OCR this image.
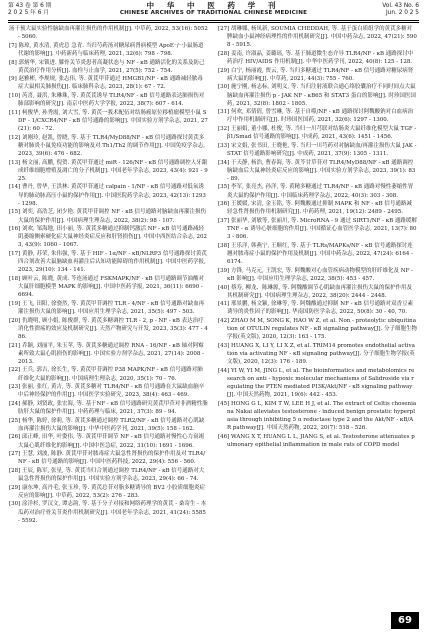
第 43 卷 第 6 期
2 0 2 5 年 6 月
中 华 中 医 药 学 刊
CHINESE ARCHIVES OF TRADITIONAL CHINESE MEDICINE
Vol. 43 No. 6
Jun. 2 0 2 5
汤干预大鼠实验性脑缺血再灌注损伤的作用机制[J]. 中草药, 2022, 53(16): 5052 - 5060.
[7] 陈琼, 黄水清, 黄虎总 急青. 当归芍药汤对糖尿病肾病模型 ApoE⁻/⁻小鼠肠道代谢的影响[J]. 中药新药与临床药理, 2021, 32(6): 798 - 798.
[8] 郭炳华, 宋锁进. 膝骨关节炎患者高凝状态与 NF - κB 通路活化的关系及防己黄芪治疗作用分析[J]. 血栓与止血学, 2021, 27(5): 752 - 754.
[9] 赵雅彬, 李规规, 张志伟, 等. 黄芪甲苷通过 HMGB1/NF - κB 通路减轻脓毒症大鼠相关肺损伤[J]. 临床肺科杂志, 2023, 28(1): 67 - 72.
[10] 芮喜, 聂洪, 朱琳珠, 等. 黄芪芪诱导 TLR4/NF - κB 信号通路表达肺损伤对肺部影响的研究[J]. 南京中医药大学学报, 2022, 38(7): 607 - 614.
[11] 柯俊华, 孙秀霞, 刘大雪, 等. 黄芪一莪术配伍对结肠癌原位移植瘤模型小鼠 SDF - 1/CXCR4/NF - κB 信号通路的影响[J]. 中国实验方剂学杂志, 2021, 27(21): 60 - 72.
[12] 刘刚玲, 赵凯, 曾晓, 等. 基于 TLR4/MyD88/NF - κB 信号通路探讨黄芪多糖对肺炎小鼠免疫功能的影响及对 Th1/Th2 的调节作用[J]. 中国免疫学杂志, 2023, 39(6): 476 - 682.
[13] 杨文丽, 高鹏, 倪贺. 黄芪甲苷通过 miR - 126/NF - κB 信号通路调控人牙龈成纤维细胞增殖及凋亡的分子机制[J]. 中国老年学杂志, 2023, 43(4): 921 - 925.
[14] 曹丹, 曾华, 王洪林. 黄芪甲苷通过 calpain - 1/NF - κB 信号通路对低氧诱导的肺动脉高压小鼠的保护作用[J]. 中国医院药学杂志, 2023, 42(13): 1293 - 1298.
[15] 刘奕, 高浩芝, 闭少艳. 黄芪甲苷调控 NF - κB 信号通路对脑缺血再灌注损伤大鼠的保护作用[J]. 中国病理生理杂志, 2022, 38(2): 98 - 107.
[16] 刘欢, 邹海地, 田小丽, 等. 黄芪多糖通过抑制钙激活 NF - κB 信号通路减轻肌萎缩侧索硬化症大鼠神经炎症反应和肝肾损伤[J]. 中国中西医结合杂志, 2023, 43(9): 1060 - 1067.
[17] 黄静, 苏荣, 朱伟强, 等. 基于 HIF - 1α/NF - κB/NLRP3 信号通路探讨黄芪四合剂改善大鼠脑缺血再灌注后认知功能障碍的作用机制[J]. 中国中医药学报, 2023, 29(10): 134 - 141.
[18] 顾叶云, 陈晓, 黄成. 芩连汤通过 FSKMAPK/NF - κB 信号通路调节油酸对大鼠肝细胞模型 MAPK 的影响[J]. 中国中医药学报, 2021, 36(11): 6690 - 6694.
[19] 王飞, 田阳, 徐骁然, 等. 黄芪甲苷调控 TLR - 4/NF - κB 信号通路对缺血再灌注损伤大鼠的影响[J]. 中国应用生理学杂志, 2021, 35(5): 497 - 503.
[20] 仇晓明, 顾小娟, 陈俊群, 等. 黄芪多糖调控 TLR - 2, p - NF - κB 表达治疗消化性溃疡的效应及机制研究[J]. 天然产物研究与开发, 2023, 35(3): 477 - 486.
[21] 乔颖, 刘丽平, 朱玉苹, 等. 黄芪多糖通过调控 RNA - 16/NF - κB 轴对阿霉素所致大鼠心肌损伤的影响[J]. 中国实验方剂学杂志, 2021, 27(14): 2008 - 2013.
[22] 王兵, 郭吉, 徐长生, 等. 黄芪甲苷调控 P38 MAPK/NF - κB 信号通路对肺纤维化大鼠的影响[J]. 中国病理生理杂志, 2020, 35(1): 70 - 76.
[23] 张丽, 张红, 黄吉, 等. 黄芪多糖对 TLR4/NF - κB 信号通路在大鼠缺血脑卒中后神经保护的作用[J]. 中国医学实验研究, 2023, 38(4): 463 - 469.
[24] 郝静, 刘贤政, 张宏海, 等. 基于NF - κB 信号通路研究黄芪甲苷对非酒精性脂肪肝大鼠的保护作用[J]. 中药药理与临床, 2021, 37(3): 89 - 94.
[25] 杨华, 陈婷, 徐莉, 等. 黄芪多糖通过调控 TLR2/NF - κB 信号通路对心肌缺血再灌注损伤大鼠的影响[J]. 中华中医药学刊, 2021, 39(5): 158 - 162.
[26] 邱正峰, 田华, 叶姿伟, 等. 黄芪甲苷调节 NF - κB 信号通路对慢性心力衰竭大鼠心肌纤维化的影响[J]. 中国中医急症, 2022, 31(10): 1691 - 1696.
[27] 王慧, 刘波, 陈静. 黄芪甲苷对脓毒症大鼠急性肾损伤的保护作用及对 TLR4/NF - κB 信号通路的影响[J]. 中国中医药科技, 2022, 29(4): 556 - 560.
[28] 王辰, 陈军, 张星, 等. 黄芪当归合剂通过调控 TLR4/NF - κB 信号通路对大鼠急性肾损伤的保护作用[J]. 中国实验方剂学杂志, 2023, 29(4): 66 - 74.
[29] 康东坤, 高丹毛, 张玉珍, 等. 黄芪总苷对脂多糖诱导的 BV2 小胶质细胞炎症反应的影响[J]. 中草药, 2022, 53(2): 276 - 283.
[30] 涂洋杉, 罗汉文, 谭志韵, 等. 基于分子对接和网络药理学的黄芪 - 桑寄生 - 本瓜药对治疗骨关节炎作用机制研究[J]. 中国老年学杂志, 2021, 41(24): 5585 - 5592.
[27] 胡琳娜, 杨凤新, SOUMIA CHEDDAH, 等. 基于蛋白质组学的黄芪多糖对脾缺血小鼠神经病理性的作用机制研究[J]. 中国中药杂志, 2022, 47(21): 5908 - 5915.
[28] 姜南, 许淑晶, 姜璐瑶, 等. 基于肺道微生态介导 TLR4/NF - κB 通路探讨中药治疗 HIV/AIDS 作用机制[J]. 中华中医药学刊, 2022, 40(8): 125 - 128.
[29] 白宁, 杨丽霞, 贾云, 等. 当归多糖通过 TLR4/NF - κB 信号通路对糖尿病肾病大鼠的影响[J]. 中草药, 2021, 44(3): 755 - 760.
[30] 施宁刚, 杨志标, 刘明义, 等. 当归注射液联合通心络胶囊治疗不同时间点大鼠脑缺血再灌注损伤 p - JAK NF - κB65 和 STAT3 蛋白的影响[J]. 时珍国医国药, 2021, 32(8): 1802 - 1805.
[31] 何欢, 邓倩倩, 曾雪琳, 等. 基于自噬/NF - κB 通路探讨阿魏酸钠对白血病治疗中作用机制研究[J]. 时珍国医国药, 2021, 32(6): 1297 - 1300.
[32] 王丽娟, 董小娜, 杜俊, 等. 当归一川芎联对结肠炎大鼠纤维化模型大鼠 TGF - β1/Smad 信号通路的影响[J]. 中成药, 2021, 43(6): 1451 - 1456.
[33] 宋文娟, 张书田, 王晓艳, 等. 当归一川芎药对对脑缺血/再灌注损伤大鼠 JAK - STAT 信号通路影响研究[J]. 中成药, 2021, 37(9): 1305 - 1311.
[34] 于天静, 杨浩, 曹春海, 等. 黄芩甘草苷对 TLR4/MyD88/NF - κB 通路调控脑缺血后大鼠神经炎症反应的影响[J]. 中国实验方剂学杂志, 2023, 39(1): 83 - 89.
[35] 李军, 张亮杰, 孙洋, 等. 黄精多糖通过 TLR4/NF - κB 通路对慢性萎缩性胃炎大鼠的保护作用[J]. 中国临床药理学杂志, 2022, 40(3): 303 - 308.
[36] 王媛媛, 宋清, 金玉铭, 等. 阿魏酸通过抑制 MAPK 和 NF - κB 信号通路减轻急性肾损伤作用机制研究[J]. 中药药理, 2021, 19(12): 2489 - 2495.
[37] 张丽华, 刘敏等, 张丽川, 等. MicroRNA - 9 通过 SIRT1/NF - κB 通路缓解 TNF - α 诱导心脏细胞的作用[J]. 中国循证心血管医学杂志, 2021, 13(7): 803 - 806.
[38] 王乐洋, 韩燕宁, 王顺红, 等. 基于 TLRs/MAPKs/NF - κB 信号通路探讨连翘对脓毒症小鼠的保护作用及机制[J]. 中国中药杂志, 2022, 47(24): 6164 - 6174.
[39] 方锋, 马克元, 王凯宏, 等. 阿魏酸对心血管疾病动物模型的肝纤维化及 NF - κB 影响[J]. 中国应用生理学杂志, 2022, 38(5): 453 - 457.
[40] 蔡寿, 柳龙、陈琳源, 等. 阿魏酸调节心肌缺血再灌注损伤大鼠的保护作用及其机制研究[J]. 中国病理生理杂志, 2022, 38(20): 2444 - 2448.
[41] 邢景鹏, 杨文颖, 徐琳等, 等. 阿魏酸通过抑制 NF - κB 信号通路对双香豆素诱导的炎性因子的影响[J]. 华南国防医学杂志, 2022, 50(8): 30 - 40, 70.
[42] ZHAO M M, SONG K, HAO W Z, et al. Non - proteolytic ubiquitination of OTULIN regulates NF - κB signaling pathway[J]. 分子细胞生物学报(英文版), 2020, 12(3): 163 - 175.
[43] HUANG X, LI Y, LI X Z, et al. TRIM14 promotes endothelial activation via activating NF - κB signaling pathway[J]. 分子细胞生物学报(英文版), 2020, 12(3): 176 - 189.
[44] YI W, YI M, JING L, et al. The bioinformatics and metabolomics research on anti - hypoxic molecular mechanisms of Salidroside via regulating the PTEN mediated PI3K/Akt/NF - κB signaling pathway[J]. 中国天然药物, 2021, 19(6): 442 - 453.
[45] HONG G L, KIM T W, LEE H J, et al. The extract of Celtis choseniana Nakai alleviates testosterone - induced benign prostatic hyperplasia through inhibiting 5 α reductase type 2 and the Akt/NF - κB/AR pathway[J]. 中国天然药物, 2022, 20(7): 518 - 526.
[46] WANG X T, HUANG L L, JIANG S, et al. Testosterone attenuates pulmonary epithelial inflammation in male rats of COPD model
69
